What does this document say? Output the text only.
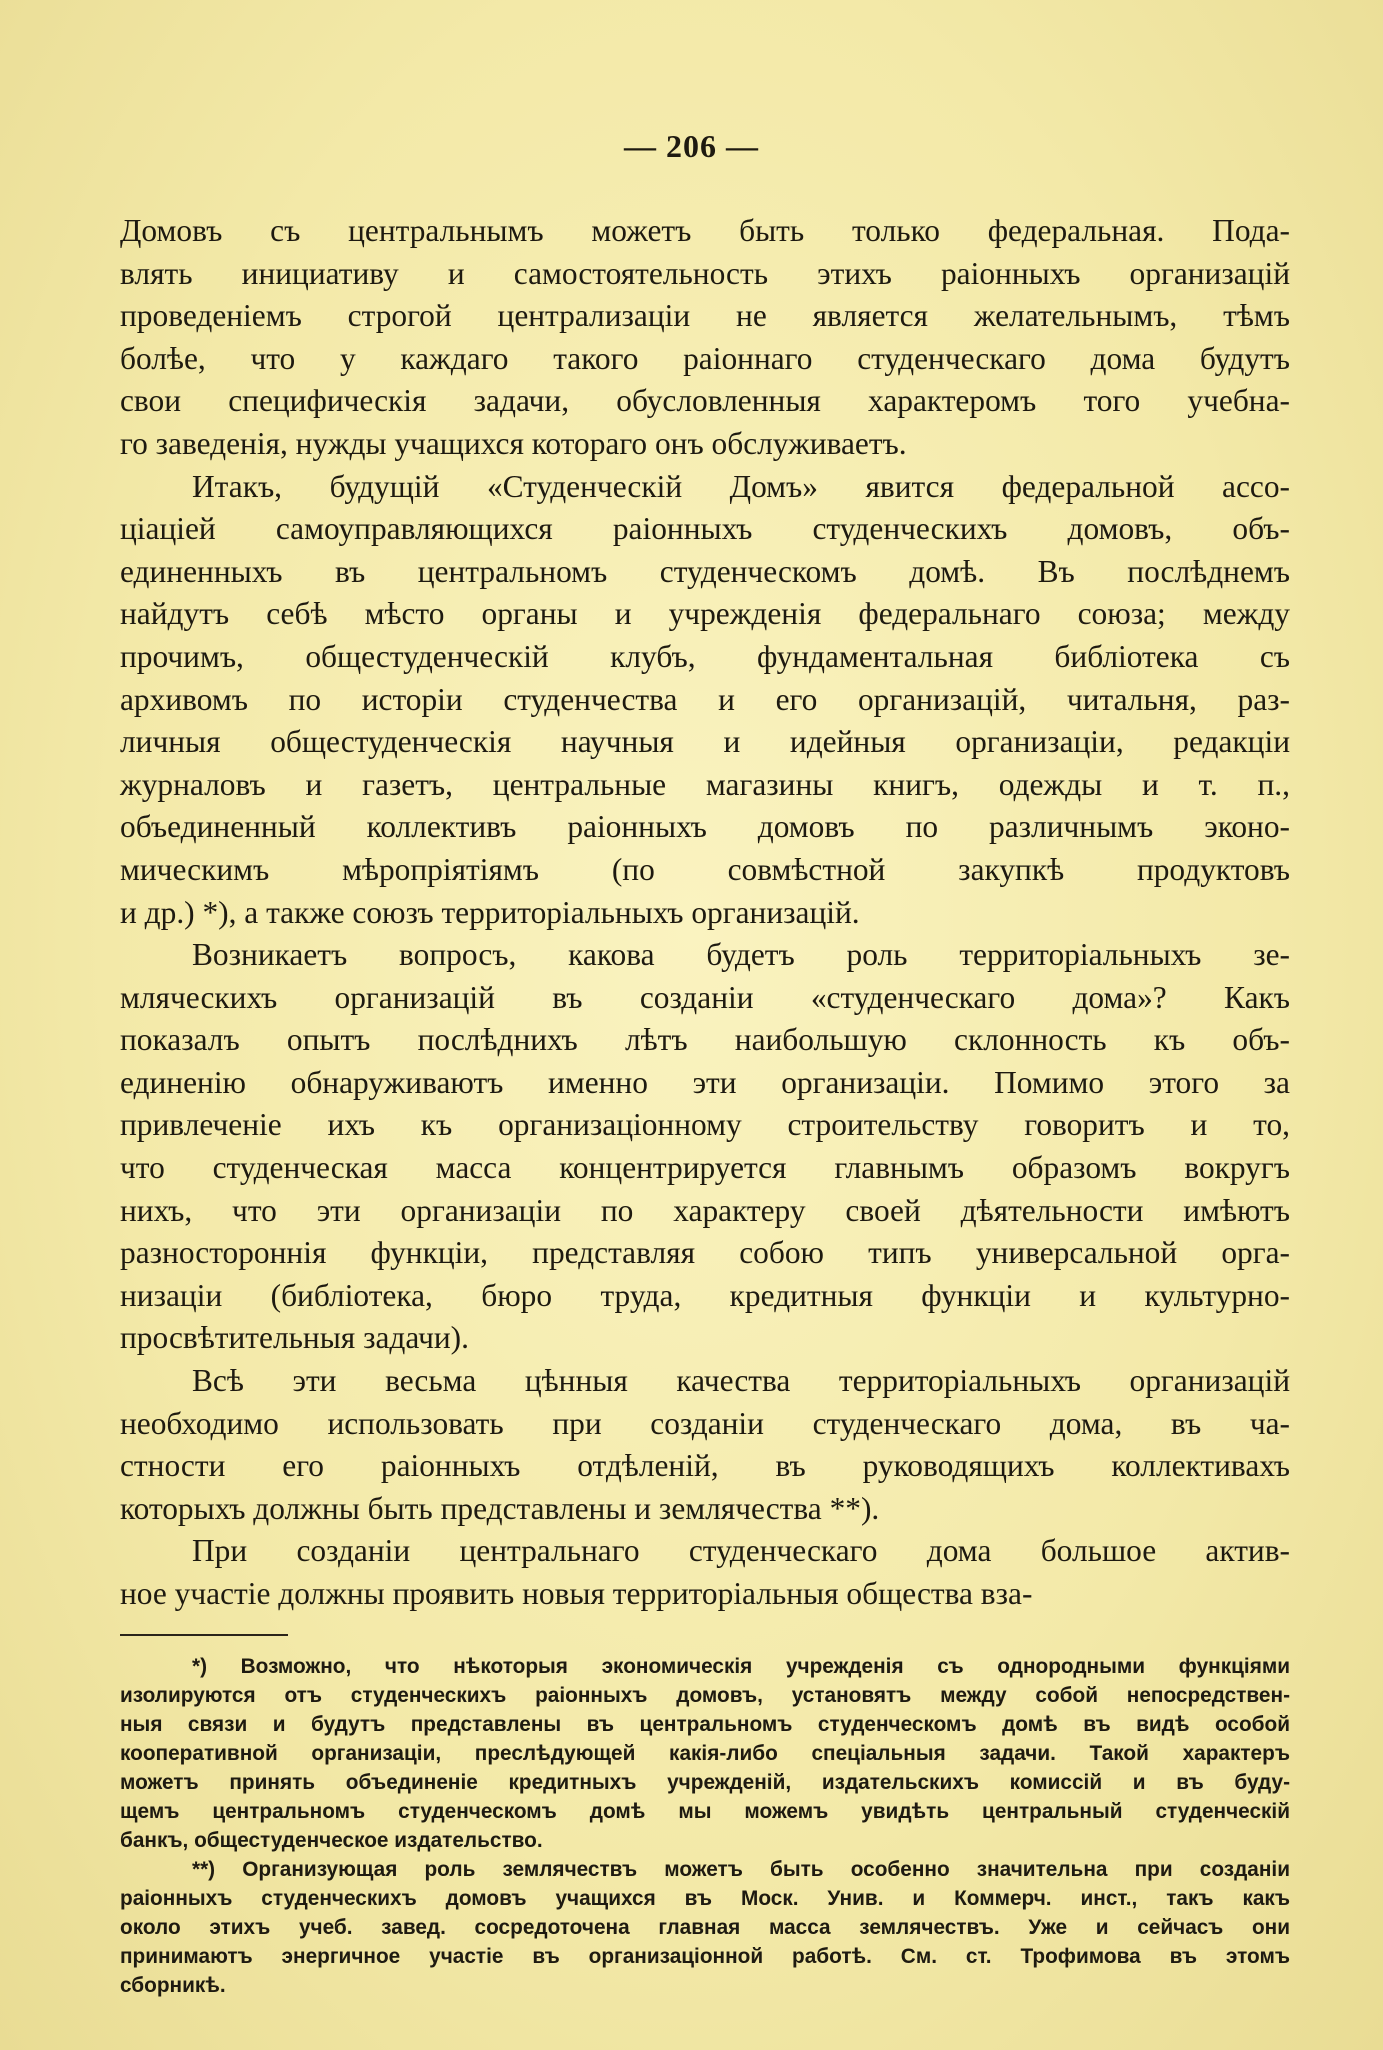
— 206 —

Домовъ съ центральнымъ можетъ быть только федеральная. Пода-
влять инициативу и самостоятельность этихъ раіонныхъ организацій
проведеніемъ строгой централизаціи не является желательнымъ, тѣмъ
болѣе, что у каждаго такого раіоннаго студенческаго дома будутъ
свои специфическія задачи, обусловленныя характеромъ того учебна-
го заведенія, нужды учащихся котораго онъ обслуживаетъ.

Итакъ, будущій «Студенческій Домъ» явится федеральной ассо-
ціаціей самоуправляющихся раіонныхъ студенческихъ домовъ, объ-
единенныхъ въ центральномъ студенческомъ домѣ. Въ послѣднемъ
найдутъ себѣ мѣсто органы и учрежденія федеральнаго союза; между
прочимъ, общестуденческій клубъ, фундаментальная библіотека съ
архивомъ по исторіи студенчества и его организацій, читальня, раз-
личныя общестуденческія научныя и идейныя организаціи, редакціи
журналовъ и газетъ, центральные магазины книгъ, одежды и т. п.,
объединенный коллективъ раіонныхъ домовъ по различнымъ эконо-
мическимъ мѣропріятіямъ (по совмѣстной закупкѣ продуктовъ
и др.) *), а также союзъ территоріальныхъ организацій.

Возникаетъ вопросъ, какова будетъ роль территоріальныхъ зе-
мляческихъ организацій въ созданіи «студенческаго дома»? Какъ
показалъ опытъ послѣднихъ лѣтъ наибольшую склонность къ объ-
единенію обнаруживаютъ именно эти организаціи. Помимо этого за
привлеченіе ихъ къ организаціонному строительству говоритъ и то,
что студенческая масса концентрируется главнымъ образомъ вокругъ
нихъ, что эти организаціи по характеру своей дѣятельности имѣютъ
разностороннія функціи, представляя собою типъ универсальной орга-
низаціи (библіотека, бюро труда, кредитныя функціи и культурно-
просвѣтительныя задачи).

Всѣ эти весьма цѣнныя качества территоріальныхъ организацій
необходимо использовать при созданіи студенческаго дома, въ ча-
стности его раіонныхъ отдѣленій, въ руководящихъ коллективахъ
которыхъ должны быть представлены и землячества **).

При созданіи центральнаго студенческаго дома большое актив-
ное участіе должны проявить новыя территоріальныя общества вза-

*) Возможно, что нѣкоторыя экономическія учрежденія съ однородными функціями
изолируются отъ студенческихъ раіонныхъ домовъ, установятъ между собой непосредствен-
ныя связи и будутъ представлены въ центральномъ студенческомъ домѣ въ видѣ особой
кооперативной организаціи, преслѣдующей какія-либо спеціальныя задачи. Такой характеръ
можетъ принять объединеніе кредитныхъ учрежденій, издательскихъ комиссій и въ буду-
щемъ центральномъ студенческомъ домѣ мы можемъ увидѣть центральный студенческій
банкъ, общестуденческое издательство.

**) Организующая роль землячествъ можетъ быть особенно значительна при созданіи
раіонныхъ студенческихъ домовъ учащихся въ Моск. Унив. и Коммерч. инст., такъ какъ
около этихъ учеб. завед. сосредоточена главная масса землячествъ. Уже и сейчасъ они
принимаютъ энергичное участіе въ организаціонной работѣ. См. ст. Трофимова въ этомъ
сборникѣ.
